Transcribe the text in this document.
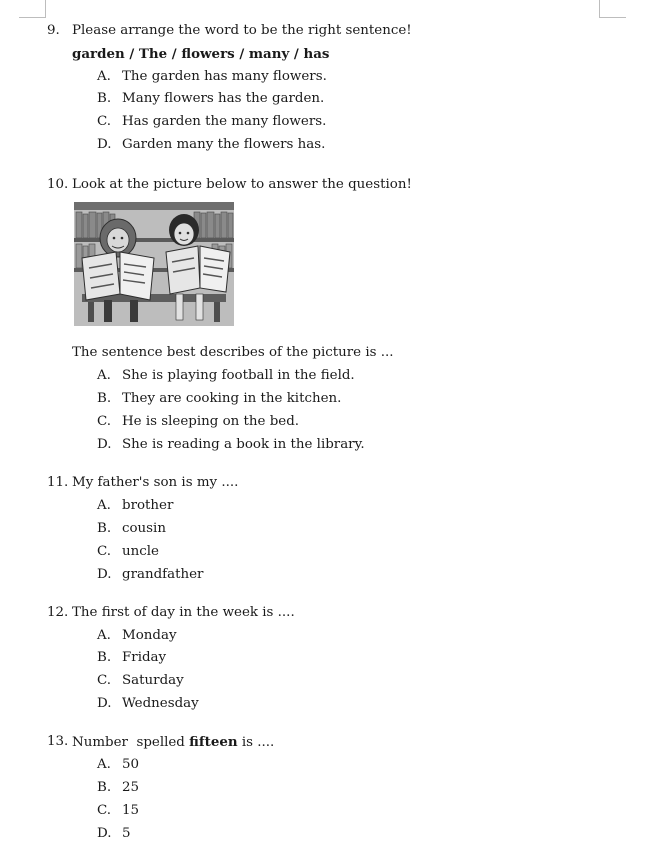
9. Please arrange the word to be the right sentence!
garden / The / flowers / many / has
A. The garden has many flowers.
B. Many flowers has the garden.
C. Has garden the many flowers.
D. Garden many the flowers has.
10. Look at the picture below to answer the question!
The sentence best describes of the picture is ...
A. She is playing football in the field.
B. They are cooking in the kitchen.
C. He is sleeping on the bed.
D. She is reading a book in the library.
11. My father's son is my ....
A. brother
B. cousin
C. uncle
D. grandfather
12. The first of day in the week is ....
A. Monday
B. Friday
C. Saturday
D. Wednesday
13. Number  spelled fifteen is ....
A. 50
B. 25
C. 15
D. 5
